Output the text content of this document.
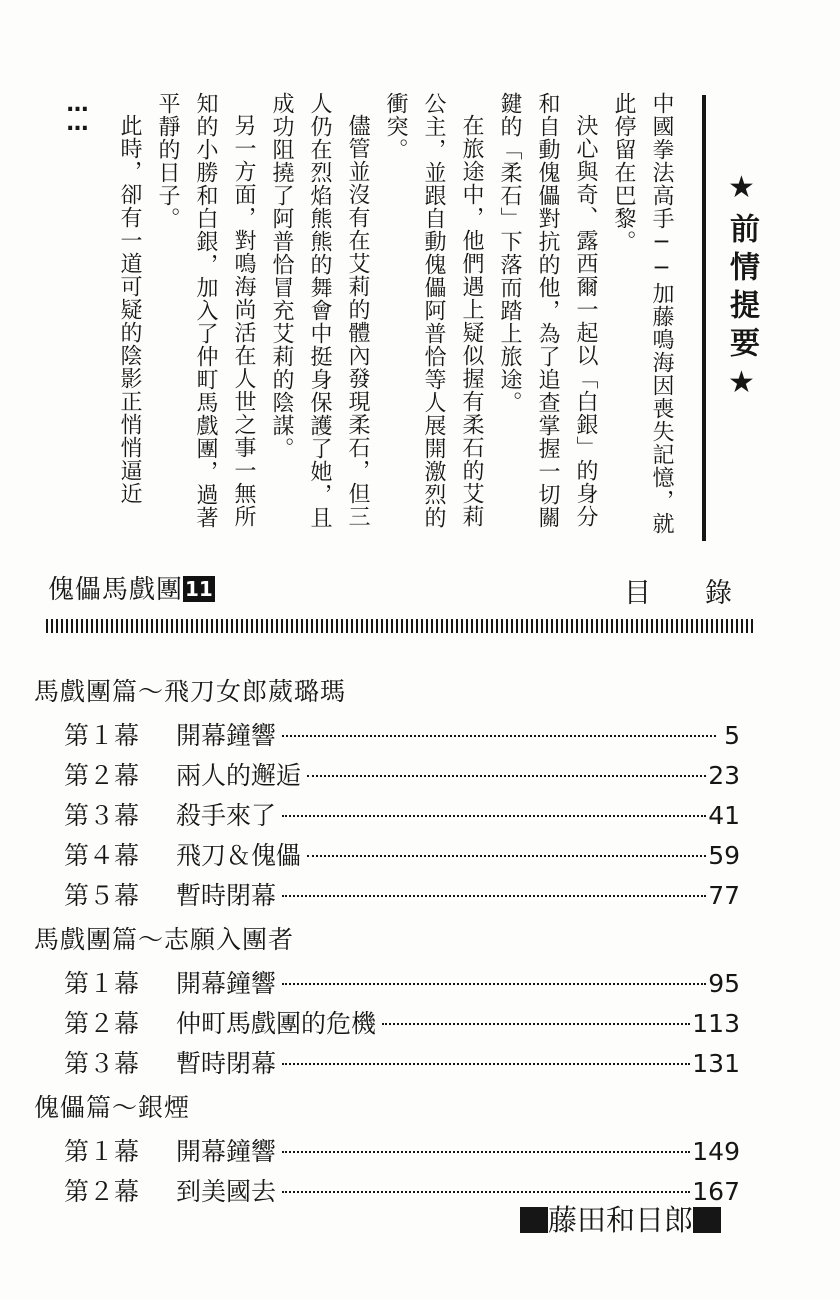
中國拳法高手──加藤鳴海因喪失記憶，就此停留在巴黎。

決心與奇、露西爾一起以「白銀」的身分和自動傀儡對抗的他，為了追查掌握一切關鍵的「柔石」下落而踏上旅途。

在旅途中，他們遇上疑似握有柔石的艾莉公主，並跟自動傀儡阿普恰等人展開激烈的衝突。

儘管並沒有在艾莉的體內發現柔石，但三人仍在烈焰熊熊的舞會中挺身保護了她，且成功阻撓了阿普恰冒充艾莉的陰謀。

另一方面，對鳴海尚活在人世之事一無所知的小勝和白銀，加入了仲町馬戲團，過著平靜的日子。

此時，卻有一道可疑的陰影正悄悄逼近

……

★前情提要★
傀儡馬戲團 11	目錄
馬戲團篇～飛刀女郎葳璐瑪
第１幕	開幕鐘響	5
第２幕	兩人的邂逅	23
第３幕	殺手來了	41
第４幕	飛刀＆傀儡	59
第５幕	暫時閉幕	77
馬戲團篇～志願入團者
第１幕	開幕鐘響	95
第２幕	仲町馬戲團的危機	113
第３幕	暫時閉幕	131
傀儡篇～銀煙
第１幕	開幕鐘響	149
第２幕	到美國去	167
藤田和日郎
